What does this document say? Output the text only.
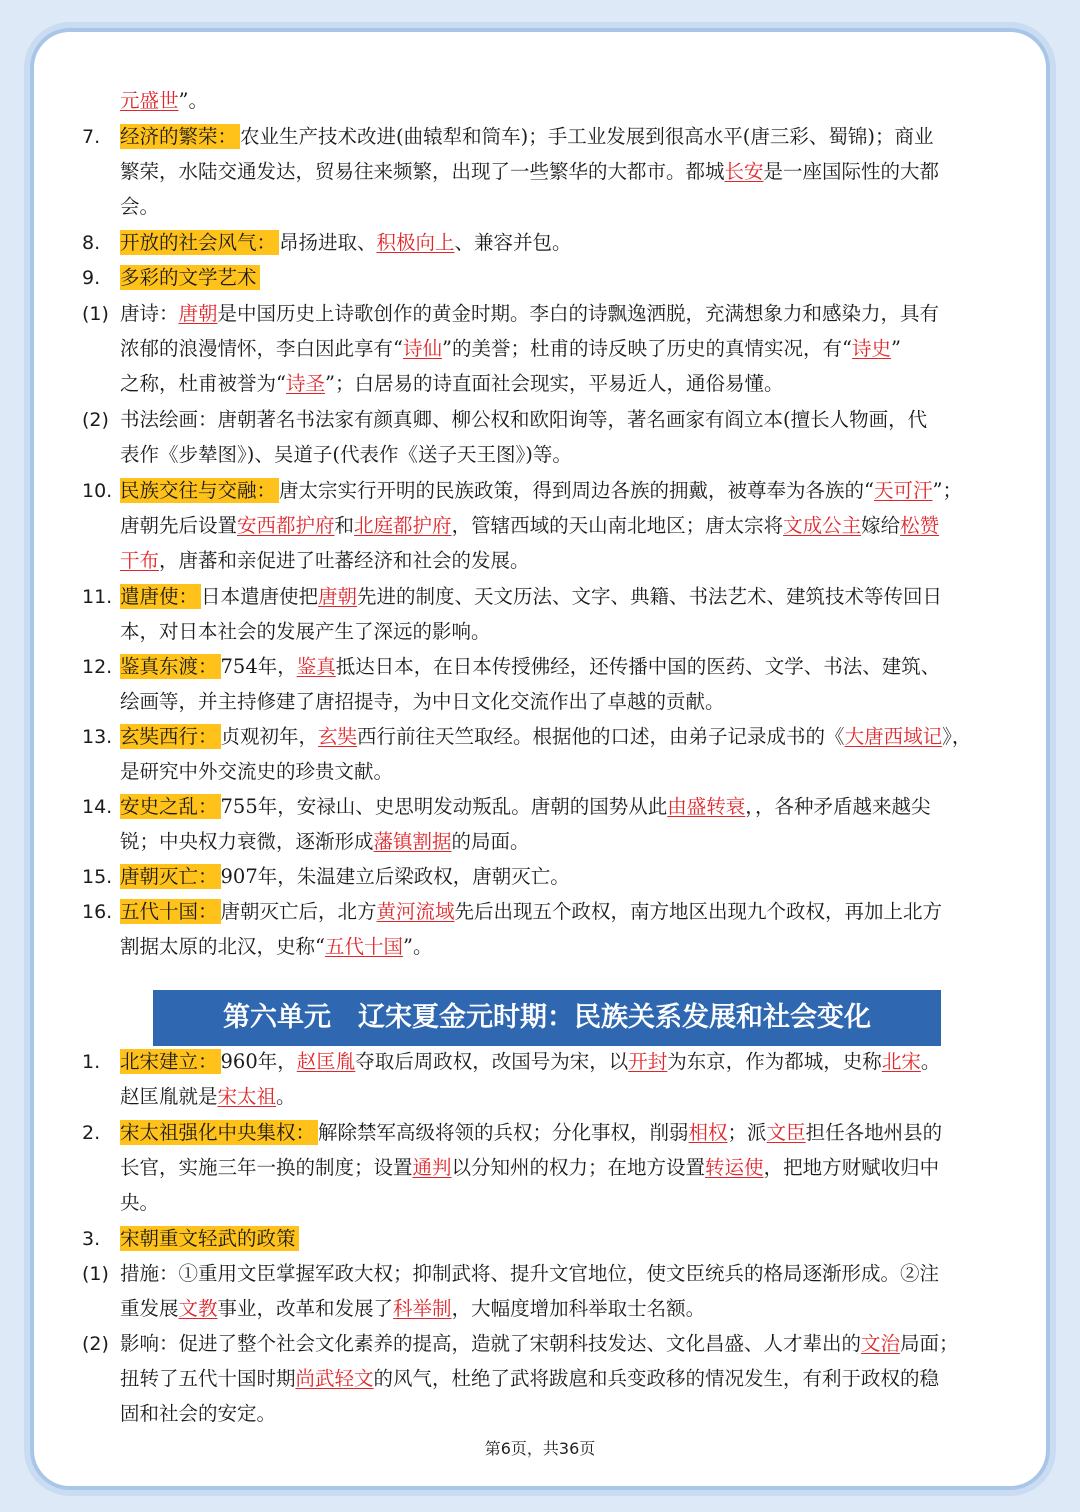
元盛世”。
7. 经济的繁荣： 农业生产技术改进(曲辕犁和筒车)；手工业发展到很高水平(唐三彩、蜀锦)；商业
繁荣，水陆交通发达，贸易往来频繁，出现了一些繁华的大都市。都城长安是一座国际性的大都
会。
8. 开放的社会风气： 昂扬进取、积极向上、兼容并包。
9. 多彩的文学艺术
(1) 唐诗：唐朝是中国历史上诗歌创作的黄金时期。李白的诗飘逸洒脱，充满想象力和感染力，具有
浓郁的浪漫情怀，李白因此享有“诗仙”的美誉；杜甫的诗反映了历史的真情实况，有“诗史”
之称，杜甫被誉为“诗圣”；白居易的诗直面社会现实，平易近人，通俗易懂。
(2) 书法绘画：唐朝著名书法家有颜真卿、柳公权和欧阳询等，著名画家有阎立本(擅长人物画，代
表作《步辇图》)、吴道子(代表作《送子天王图》)等。
10. 民族交往与交融： 唐太宗实行开明的民族政策，得到周边各族的拥戴，被尊奉为各族的“天可汗”；
唐朝先后设置安西都护府和北庭都护府，管辖西域的天山南北地区；唐太宗将文成公主嫁给松赞
干布，唐蕃和亲促进了吐蕃经济和社会的发展。
11. 遣唐使： 日本遣唐使把唐朝先进的制度、天文历法、文字、典籍、书法艺术、建筑技术等传回日
本，对日本社会的发展产生了深远的影响。
12. 鉴真东渡： 754年，鉴真抵达日本，在日本传授佛经，还传播中国的医药、文学、书法、建筑、
绘画等，并主持修建了唐招提寺，为中日文化交流作出了卓越的贡献。
13. 玄奘西行： 贞观初年，玄奘西行前往天竺取经。根据他的口述，由弟子记录成书的《大唐西域记》，
是研究中外交流史的珍贵文献。
14. 安史之乱： 755年，安禄山、史思明发动叛乱。唐朝的国势从此由盛转衰，，各种矛盾越来越尖
锐；中央权力衰微，逐渐形成藩镇割据的局面。
15. 唐朝灭亡： 907年，朱温建立后梁政权，唐朝灭亡。
16. 五代十国： 唐朝灭亡后，北方黄河流域先后出现五个政权，南方地区出现九个政权，再加上北方
割据太原的北汉，史称“五代十国”。
第六单元　辽宋夏金元时期：民族关系发展和社会变化
1. 北宋建立： 960年，赵匡胤夺取后周政权，改国号为宋，以开封为东京，作为都城，史称北宋。
赵匡胤就是宋太祖。
2. 宋太祖强化中央集权： 解除禁军高级将领的兵权；分化事权，削弱相权；派文臣担任各地州县的
长官，实施三年一换的制度；设置通判以分知州的权力；在地方设置转运使，把地方财赋收归中
央。
3. 宋朝重文轻武的政策
(1) 措施：①重用文臣掌握军政大权；抑制武将、提升文官地位，使文臣统兵的格局逐渐形成。②注
重发展文教事业，改革和发展了科举制，大幅度增加科举取士名额。
(2) 影响：促进了整个社会文化素养的提高，造就了宋朝科技发达、文化昌盛、人才辈出的文治局面；
扭转了五代十国时期尚武轻文的风气，杜绝了武将跋扈和兵变政移的情况发生，有利于政权的稳
固和社会的安定。
第6页，共36页
